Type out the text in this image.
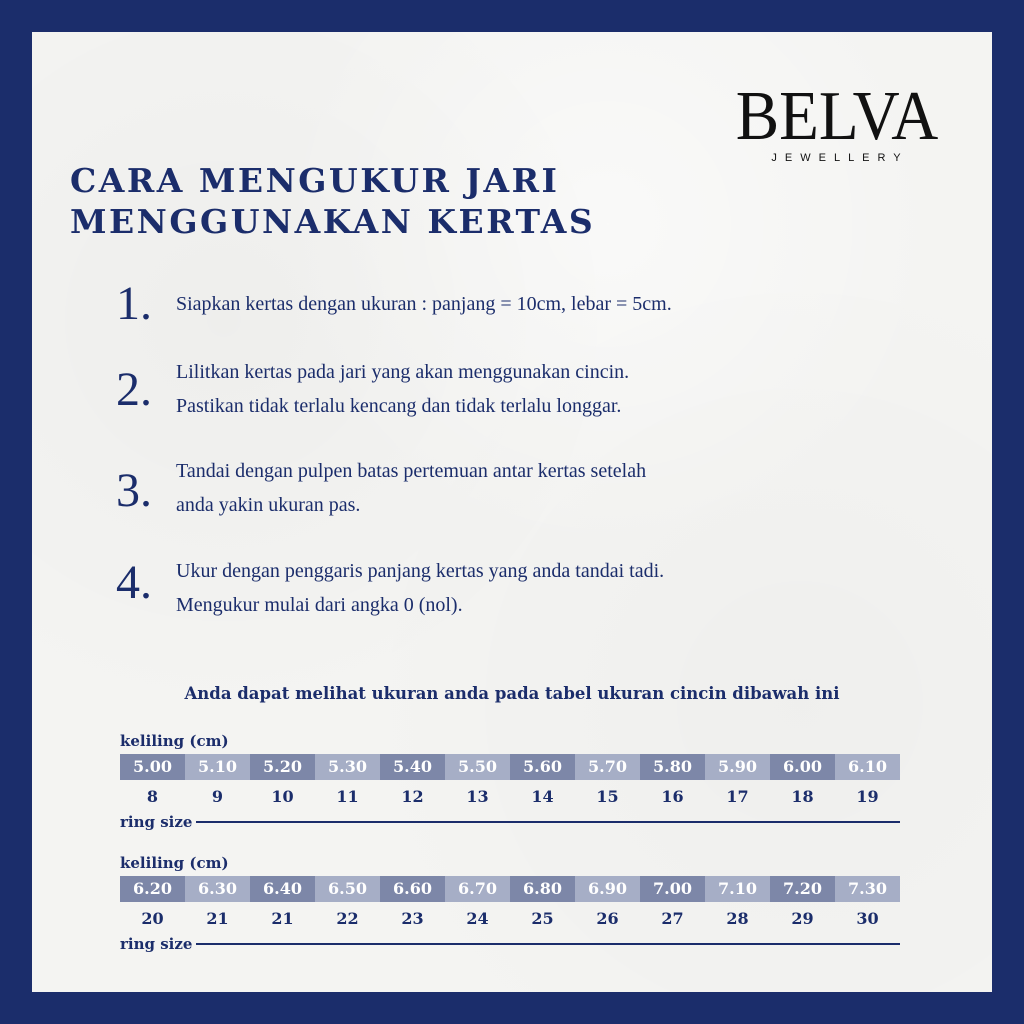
BELVA
JEWELLERY
CARA MENGUKUR JARI
MENGGUNAKAN KERTAS
1. Siapkan kertas dengan ukuran : panjang = 10cm, lebar = 5cm.
2. Lilitkan kertas pada jari yang akan menggunakan cincin.
Pastikan tidak terlalu kencang dan tidak terlalu longgar.
3. Tandai dengan pulpen batas pertemuan antar kertas setelah
anda yakin ukuran pas.
4. Ukur dengan penggaris panjang kertas yang anda tandai tadi.
Mengukur mulai dari angka 0 (nol).
Anda dapat melihat ukuran anda pada tabel ukuran cincin dibawah ini
keliling (cm)
5.00	5.10	5.20	5.30	5.40	5.50	5.60	5.70	5.80	5.90	6.00	6.10
8	9	10	11	12	13	14	15	16	17	18	19
ring size
keliling (cm)
6.20	6.30	6.40	6.50	6.60	6.70	6.80	6.90	7.00	7.10	7.20	7.30
20	21	21	22	23	24	25	26	27	28	29	30
ring size
